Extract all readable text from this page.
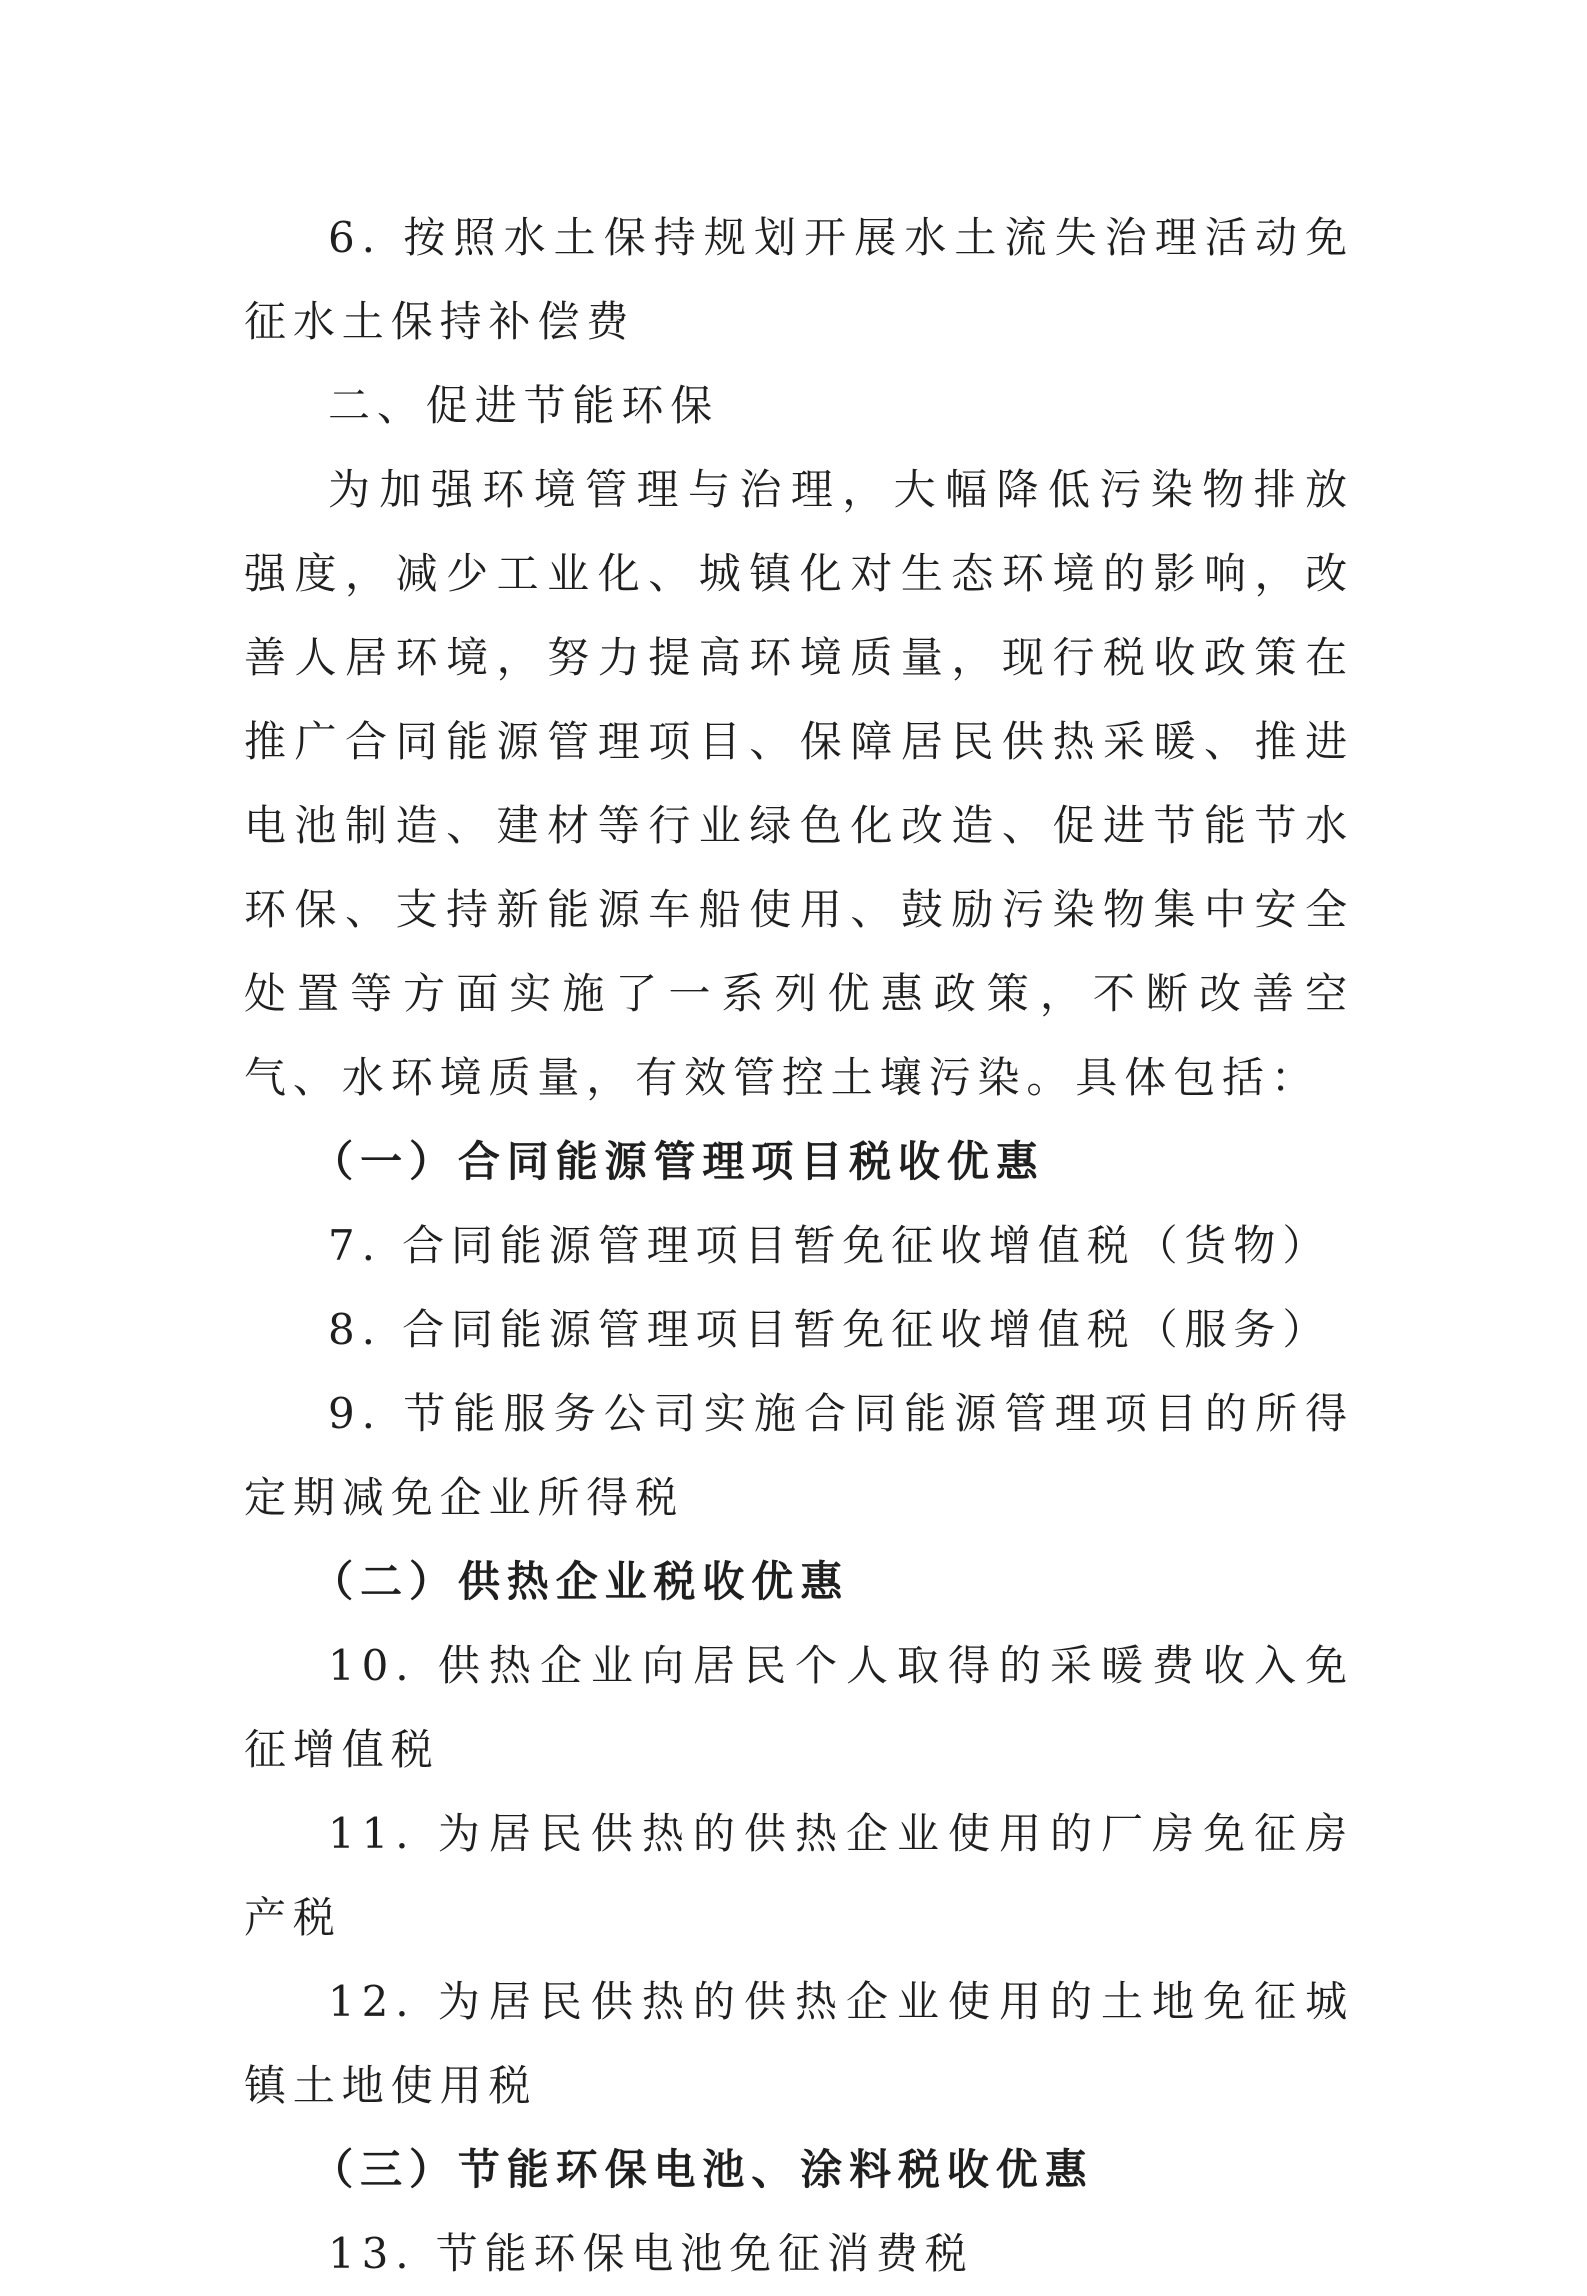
6. 按照水土保持规划开展水土流失治理活动免征水土保持补偿费

二、促进节能环保

为加强环境管理与治理，大幅降低污染物排放强度，减少工业化、城镇化对生态环境的影响，改善人居环境，努力提高环境质量，现行税收政策在推广合同能源管理项目、保障居民供热采暖、推进电池制造、建材等行业绿色化改造、促进节能节水环保、支持新能源车船使用、鼓励污染物集中安全处置等方面实施了一系列优惠政策，不断改善空气、水环境质量，有效管控土壤污染。具体包括：

（一）合同能源管理项目税收优惠

7. 合同能源管理项目暂免征收增值税（货物）

8. 合同能源管理项目暂免征收增值税（服务）

9. 节能服务公司实施合同能源管理项目的所得定期减免企业所得税

（二）供热企业税收优惠

10. 供热企业向居民个人取得的采暖费收入免征增值税

11. 为居民供热的供热企业使用的厂房免征房产税

12. 为居民供热的供热企业使用的土地免征城镇土地使用税

（三）节能环保电池、涂料税收优惠

13. 节能环保电池免征消费税
